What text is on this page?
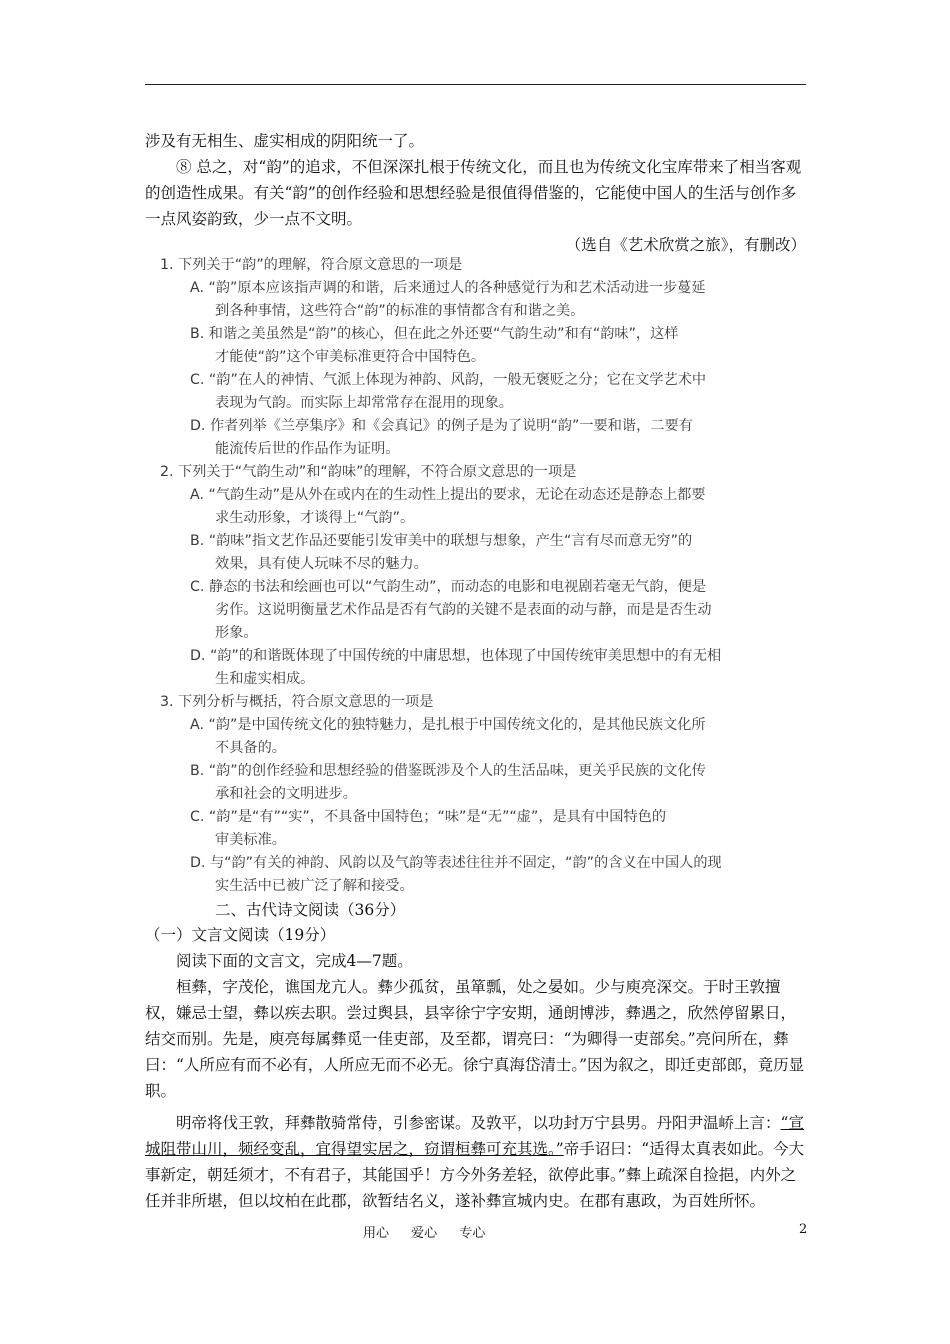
涉及有无相生、虚实相成的阴阳统一了。

⑧ 总之，对“韵”的追求，不但深深扎根于传统文化，而且也为传统文化宝库带来了相当客观的创造性成果。有关“韵”的创作经验和思想经验是很值得借鉴的，它能使中国人的生活与创作多一点风姿韵致，少一点不文明。

（选自《艺术欣赏之旅》，有删改）

1. 下列关于“韵”的理解，符合原文意思的一项是

A. “韵”原本应该指声调的和谐，后来通过人的各种感觉行为和艺术活动进一步蔓延

到各种事情，这些符合“韵”的标准的事情都含有和谐之美。

B. 和谐之美虽然是“韵”的核心，但在此之外还要“气韵生动”和有“韵味”，这样

才能使“韵”这个审美标准更符合中国特色。

C. “韵”在人的神情、气派上体现为神韵、风韵，一般无褒贬之分；它在文学艺术中

表现为气韵。而实际上却常常存在混用的现象。

D. 作者列举《兰亭集序》和《会真记》的例子是为了说明“韵”一要和谐，二要有

能流传后世的作品作为证明。

2. 下列关于“气韵生动”和“韵味”的理解，不符合原文意思的一项是

A. “气韵生动”是从外在或内在的生动性上提出的要求，无论在动态还是静态上都要

求生动形象，才谈得上“气韵”。

B. “韵味”指文艺作品还要能引发审美中的联想与想象，产生“言有尽而意无穷”的

效果，具有使人玩味不尽的魅力。

C. 静态的书法和绘画也可以“气韵生动”，而动态的电影和电视剧若毫无气韵，便是

劣作。这说明衡量艺术作品是否有气韵的关键不是表面的动与静，而是是否生动

形象。

D. “韵”的和谐既体现了中国传统的中庸思想，也体现了中国传统审美思想中的有无相

生和虚实相成。

3. 下列分析与概括，符合原文意思的一项是

A. “韵”是中国传统文化的独特魅力，是扎根于中国传统文化的，是其他民族文化所

不具备的。

B. “韵”的创作经验和思想经验的借鉴既涉及个人的生活品味，更关乎民族的文化传

承和社会的文明进步。

C. “韵”是“有”“实”，不具备中国特色；“味”是“无”“虚”，是具有中国特色的

审美标准。

D. 与“韵”有关的神韵、风韵以及气韵等表述往往并不固定，“韵”的含义在中国人的现

实生活中已被广泛了解和接受。

二、古代诗文阅读（36分）

（一）文言文阅读（19分）

阅读下面的文言文，完成4—7题。

桓彝，字茂伦，谯国龙亢人。彝少孤贫，虽箪瓢，处之晏如。少与庾亮深交。于时王敦擅权，嫌忌士望，彝以疾去职。尝过舆县，县宰徐宁字安期，通朗博涉，彝遇之，欣然停留累日，结交而别。先是，庾亮每属彝觅一佳吏部，及至都，谓亮曰：“为卿得一吏部矣。”亮问所在，彝曰：“人所应有而不必有，人所应无而不必无。徐宁真海岱清士。”因为叙之，即迁吏部郎，竟历显职。

明帝将伐王敦，拜彝散骑常侍，引参密谋。及敦平，以功封万宁县男。丹阳尹温峤上言：“宣城阻带山川，频经变乱，宜得望实居之，窃谓桓彝可充其选。”帝手诏曰：“适得太真表如此。今大事新定，朝廷须才，不有君子，其能国乎！方今外务差轻，欲停此事。”彝上疏深自捡挹，内外之任并非所堪，但以坟柏在此郡，欲暂结名义，遂补彝宣城内史。在郡有惠政，为百姓所怀。

用心 爱心 专心	2
